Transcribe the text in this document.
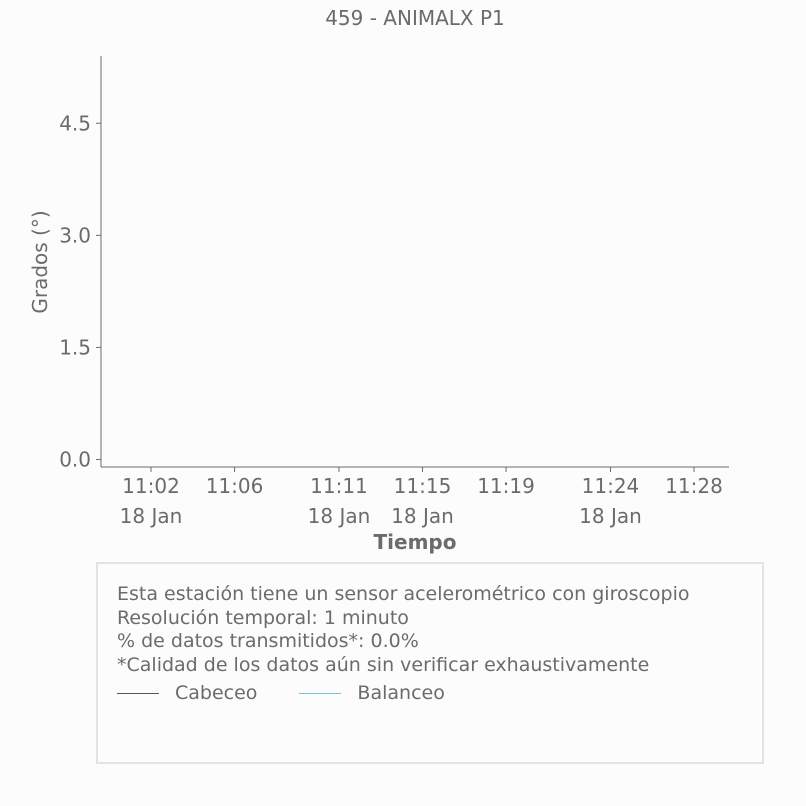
459 - ANIMALX P1
0.0
1.5
3.0
4.5
11:02
18 Jan
11:06 11:11
18 Jan
11:15
18 Jan
11:19 11:24
18 Jan
11:28
Grados (°)
Tiempo
Esta estación tiene un sensor acelerométrico con giroscopio
Resolución temporal: 1 minuto
% de datos transmitidos*: 0.0%
*Calidad de los datos aún sin verificar exhaustivamente
Cabeceo	Balanceo
